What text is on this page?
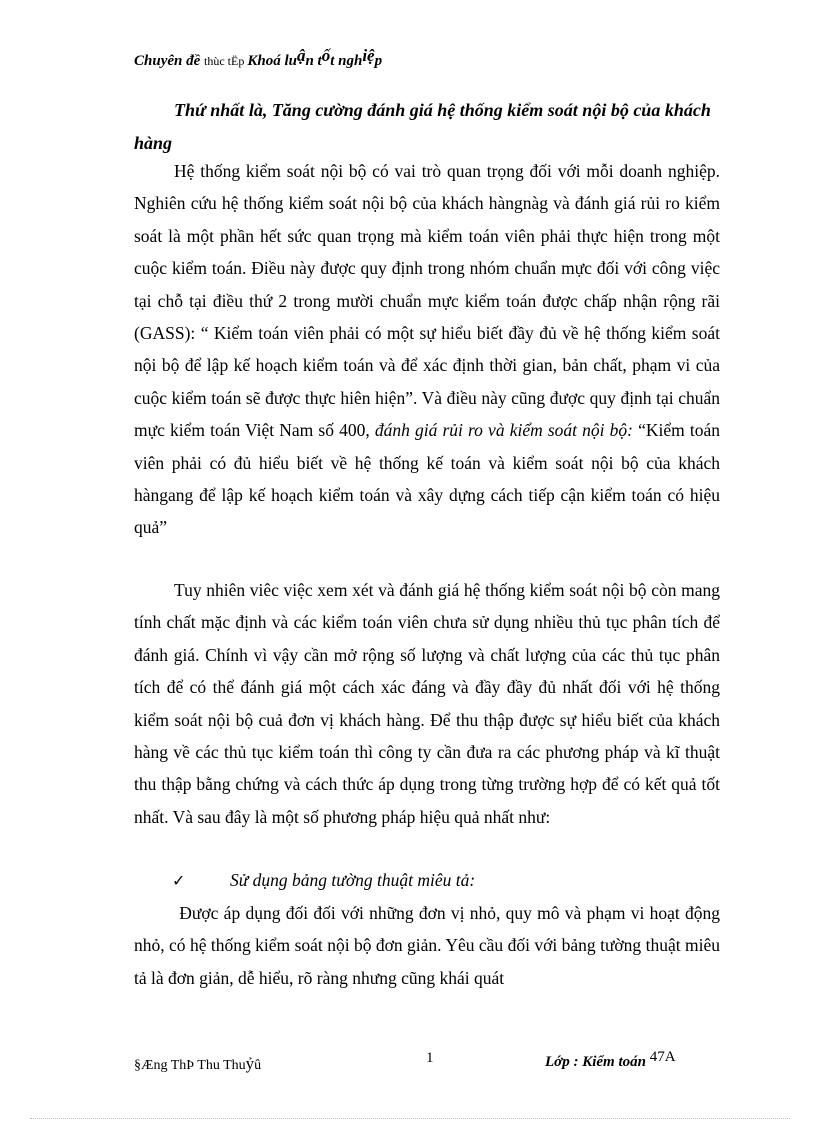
Chuyên đề thùc tËp Khoá luận tốt nghiệp
Thứ nhất là, Tăng cường đánh giá hệ thống kiểm soát nội bộ của khách hàng
Hệ thống kiểm soát nội bộ có vai trò quan trọng đối với mỗi doanh nghiệp. Nghiên cứu hệ thống kiểm soát nội bộ của khách hàngnàg và đánh giá rủi ro kiểm soát là một phần hết sức quan trọng mà kiểm toán viên phải thực hiện trong một cuộc kiểm toán. Điều này được quy định trong nhóm chuẩn mực đối với công việc tại chỗ tại điều thứ 2 trong mười chuẩn mực kiểm toán được chấp nhận rộng rãi (GASS): “ Kiểm toán viên phải có một sự hiểu biết đầy đủ về hệ thống kiểm soát nội bộ để lập kế hoạch kiểm toán và để xác định thời gian, bản chất, phạm vi của cuộc kiểm toán sẽ được thực hiên hiện”. Và điều này cũng được quy định tại chuẩn mực kiểm toán Việt Nam số 400, đánh giá rủi ro và kiểm soát nội bộ: “Kiểm toán viên phải có đủ hiểu biết về hệ thống kế toán và kiểm soát nội bộ của khách hàngang để lập kế hoạch kiểm toán và xây dựng cách tiếp cận kiểm toán có hiệu quả”
Tuy nhiên viêc việc xem xét và đánh giá hệ thống kiểm soát nội bộ còn mang tính chất mặc định và các kiểm toán viên chưa sử dụng nhiều thủ tục phân tích để đánh giá. Chính vì vậy cần mở rộng số lượng và chất lượng của các thủ tục phân tích để có thể đánh giá một cách xác đáng và đầy đầy đủ nhất đối với hệ thống kiểm soát nội bộ cuả đơn vị khách hàng. Để thu thập được sự hiểu biết của khách hàng về các thủ tục kiểm toán thì công ty cần đưa ra các phương pháp và kĩ thuật thu thập bằng chứng và cách thức áp dụng trong từng trường hợp để có kết quả tốt nhất. Và sau đây là một số phương pháp hiệu quả nhất như:
✓	Sử dụng bảng tường thuật miêu tả:
Được áp dụng đối đối với những đơn vị nhỏ, quy mô và phạm vi hoạt động nhỏ, có hệ thống kiểm soát nội bộ đơn giản. Yêu cầu đối với bảng tường thuật miêu tả là đơn giản, dễ hiểu, rõ ràng nhưng cũng khái quát
§Æng ThÞ Thu Thuỷû	1	Lớp : Kiểm toán 47A
